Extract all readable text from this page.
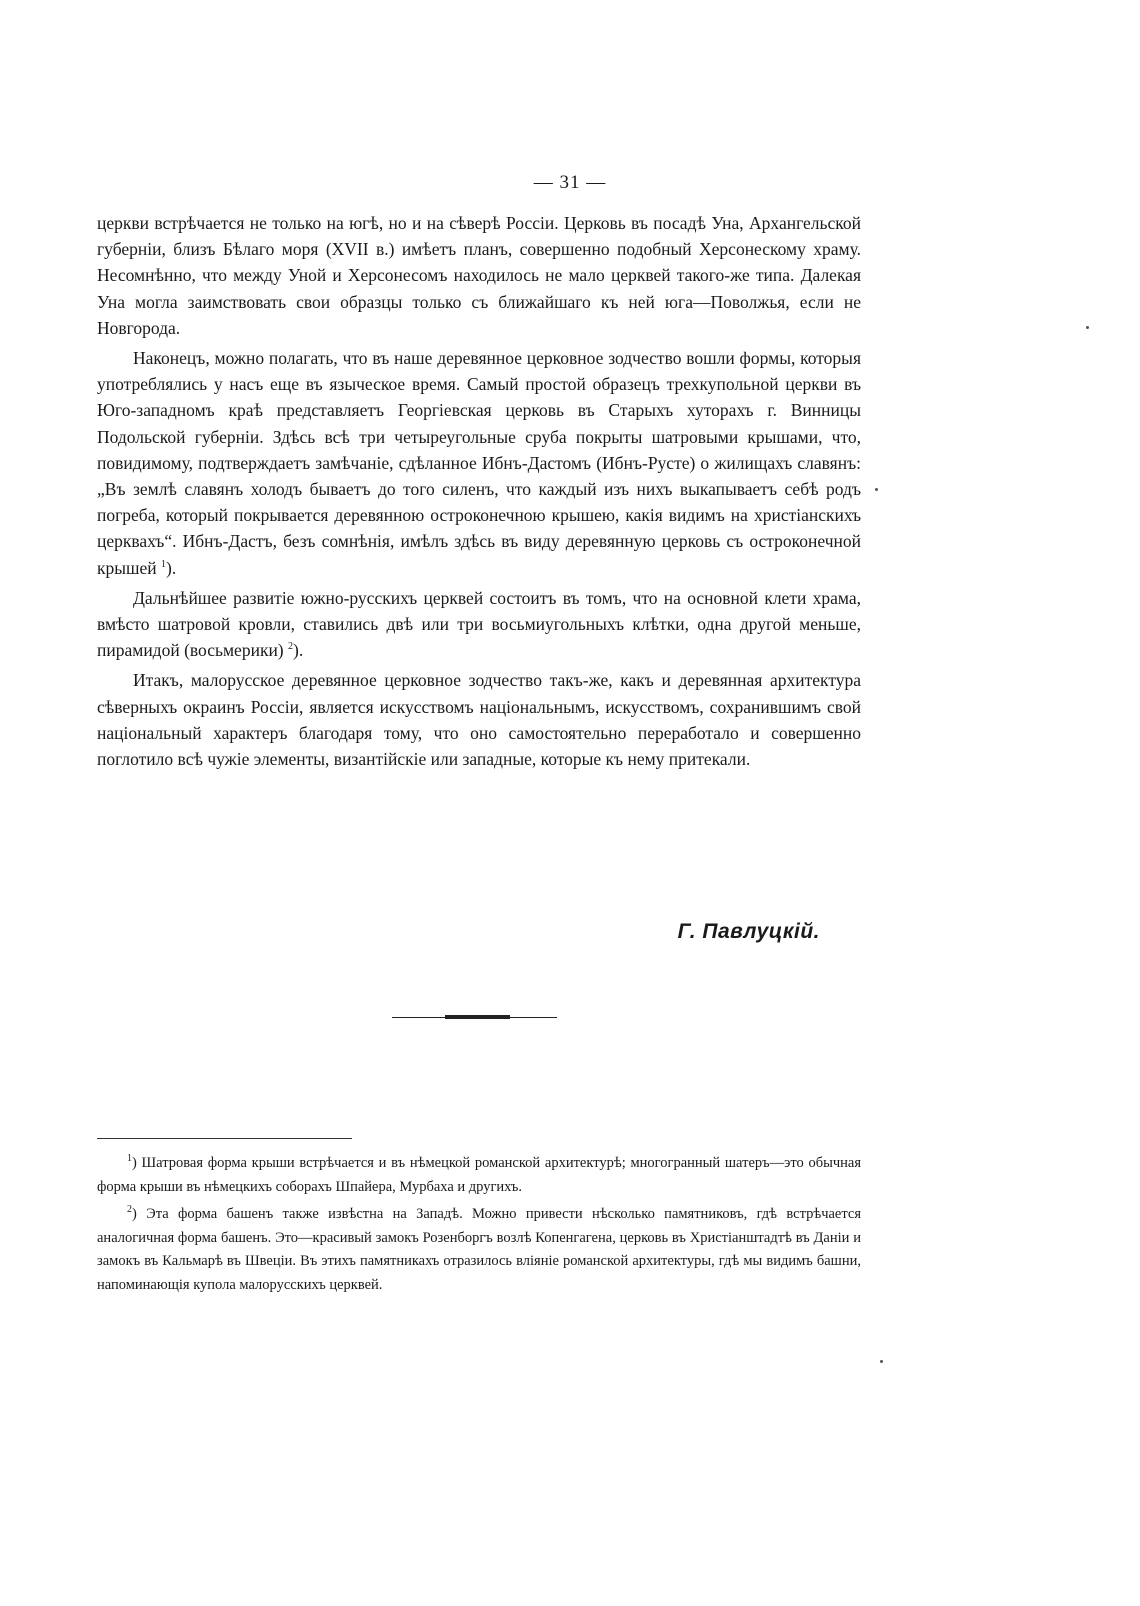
— 31 —

церкви встрѣчается не только на югѣ, но и на сѣверѣ Россіи. Церковь въ посадѣ Уна, Архангельской губерніи, близъ Бѣлаго моря (XVII в.) имѣетъ планъ, совершенно подобный Херсонескому храму. Несомнѣнно, что между Уной и Херсонесомъ находилось не мало церквей такого-же типа. Далекая Уна могла заимствовать свои образцы только съ ближайшаго къ ней юга—Поволжья, если не Новгорода.

Наконецъ, можно полагать, что въ наше деревянное церковное зодчество вошли формы, которыя употреблялись у насъ еще въ языческое время. Самый простой образецъ трехкупольной церкви въ Юго-западномъ краѣ представляетъ Георгіевская церковь въ Старыхъ хуторахъ г. Винницы Подольской губерніи. Здѣсь всѣ три четыреугольные сруба покрыты шатровыми крышами, что, повидимому, подтверждаетъ замѣчаніе, сдѣланное Ибнъ-Дастомъ (Ибнъ-Русте) о жилищахъ славянъ: „Въ землѣ славянъ холодъ бываетъ до того силенъ, что каждый изъ нихъ выкапываетъ себѣ родъ погреба, который покрывается деревянною остроконечною крышею, какія видимъ на христіанскихъ церквахъ“. Ибнъ-Дастъ, безъ сомнѣнія, имѣлъ здѣсь въ виду деревянную церковь съ остроконечной крышей $^1$).

Дальнѣйшее развитіе южно-русскихъ церквей состоитъ въ томъ, что на основной клети храма, вмѣсто шатровой кровли, ставились двѣ или три восьмиугольныхъ клѣтки, одна другой меньше, пирамидой (восьмерики) $^2$).

Итакъ, малорусское деревянное церковное зодчество такъ-же, какъ и деревянная архитектура сѣверныхъ окраинъ Россіи, является искусствомъ національнымъ, искусствомъ, сохранившимъ свой національный характеръ благодаря тому, что оно самостоятельно переработало и совершенно поглотило всѣ чужіе элементы, византійскіе или западные, которые къ нему притекали.

Г. Павлуцкій.

$^1$) Шатровая форма крыши встрѣчается и въ нѣмецкой романской архитектурѣ; многогранный шатеръ—это обычная форма крыши въ нѣмецкихъ соборахъ Шпайера, Мурбаха и другихъ.

$^2$) Эта форма башенъ также извѣстна на Западѣ. Можно привести нѣсколько памятниковъ, гдѣ встрѣчается аналогичная форма башенъ. Это—красивый замокъ Розенборгъ возлѣ Копенгагена, церковь въ Христіанштадтѣ въ Даніи и замокъ въ Кальмарѣ въ Швеціи. Въ этихъ памятникахъ отразилось вліяніе романской архитектуры, гдѣ мы видимъ башни, напоминающія купола малорусскихъ церквей.
